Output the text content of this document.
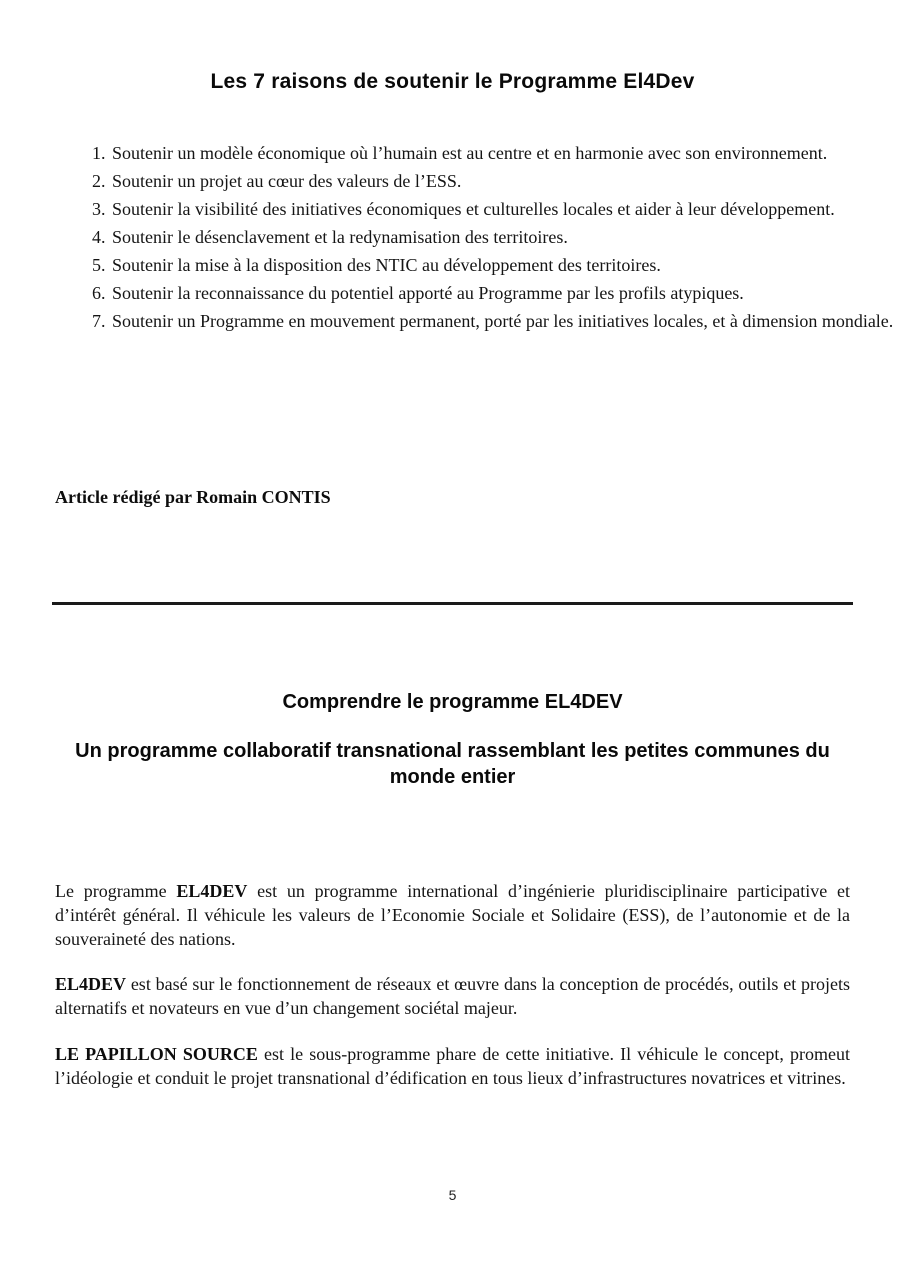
Les 7 raisons de soutenir le Programme El4Dev
1. Soutenir un modèle économique où l’humain est au centre et en harmonie avec son environnement.
2. Soutenir un projet au cœur des valeurs de l’ESS.
3. Soutenir la visibilité des initiatives économiques et culturelles locales et aider à leur développement.
4. Soutenir le désenclavement et la redynamisation des territoires.
5. Soutenir la mise à la disposition des NTIC au développement des territoires.
6. Soutenir la reconnaissance du potentiel apporté au Programme par les profils atypiques.
7. Soutenir un Programme en mouvement permanent, porté par les initiatives locales, et à dimension mondiale.
Article rédigé par Romain CONTIS
Comprendre le programme EL4DEV
Un programme collaboratif transnational rassemblant les petites communes du monde entier

Le programme EL4DEV est un programme international d’ingénierie pluridisciplinaire participative et d’intérêt général. Il véhicule les valeurs de l’Economie Sociale et Solidaire (ESS), de l’autonomie et de la souveraineté des nations.

EL4DEV est basé sur le fonctionnement de réseaux et œuvre dans la conception de procédés, outils et projets alternatifs et novateurs en vue d’un changement sociétal majeur.

LE PAPILLON SOURCE est le sous-programme phare de cette initiative. Il véhicule le concept, promeut l’idéologie et conduit le projet transnational d’édification en tous lieux d’infrastructures novatrices et vitrines.

5
